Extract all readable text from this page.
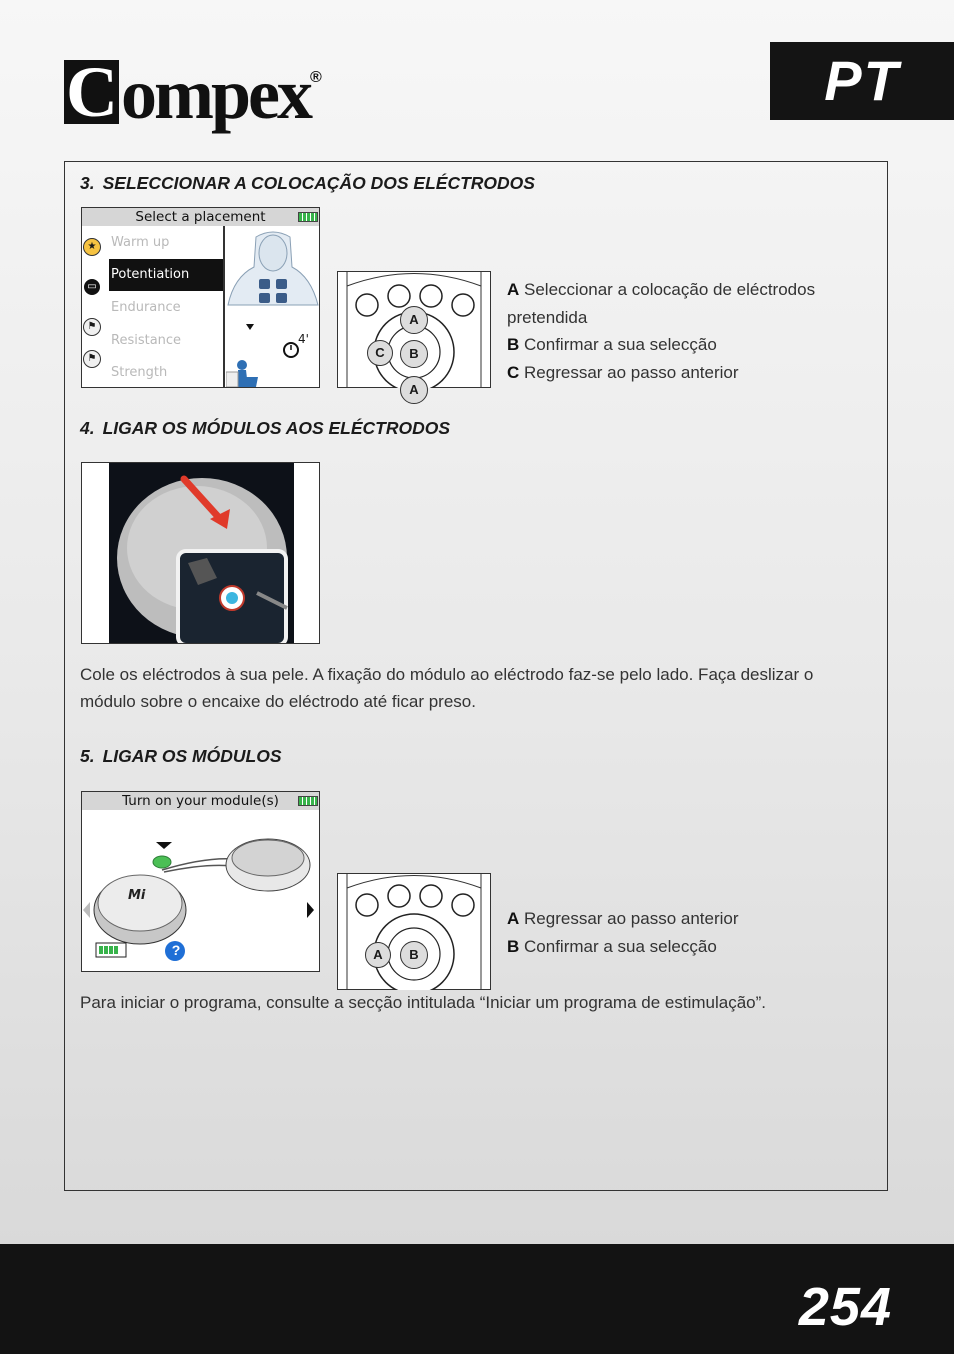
Compex®	PT
3. SELECCIONAR A COLOCAÇÃO DOS ELÉCTRODOS
Select a placement
★
▭
⚑
⚑
Warm up
Potentiation
Endurance
Resistance
Strength
4'
A
C	B
A
A Seleccionar a colocação de eléctrodos pretendida
B Confirmar a sua selecção
C Regressar ao passo anterior
4. LIGAR OS MÓDULOS AOS ELÉCTRODOS
Cole os eléctrodos à sua pele. A fixação do módulo ao eléctrodo faz-se pelo lado. Faça deslizar o módulo sobre o encaixe do eléctrodo até ficar preso.
5. LIGAR OS MÓDULOS
Turn on your module(s)
Mi
?	A	B
A Regressar ao passo anterior
B Confirmar a sua selecção
Para iniciar o programa, consulte a secção intitulada “Iniciar um programa de estimulação”.
254
